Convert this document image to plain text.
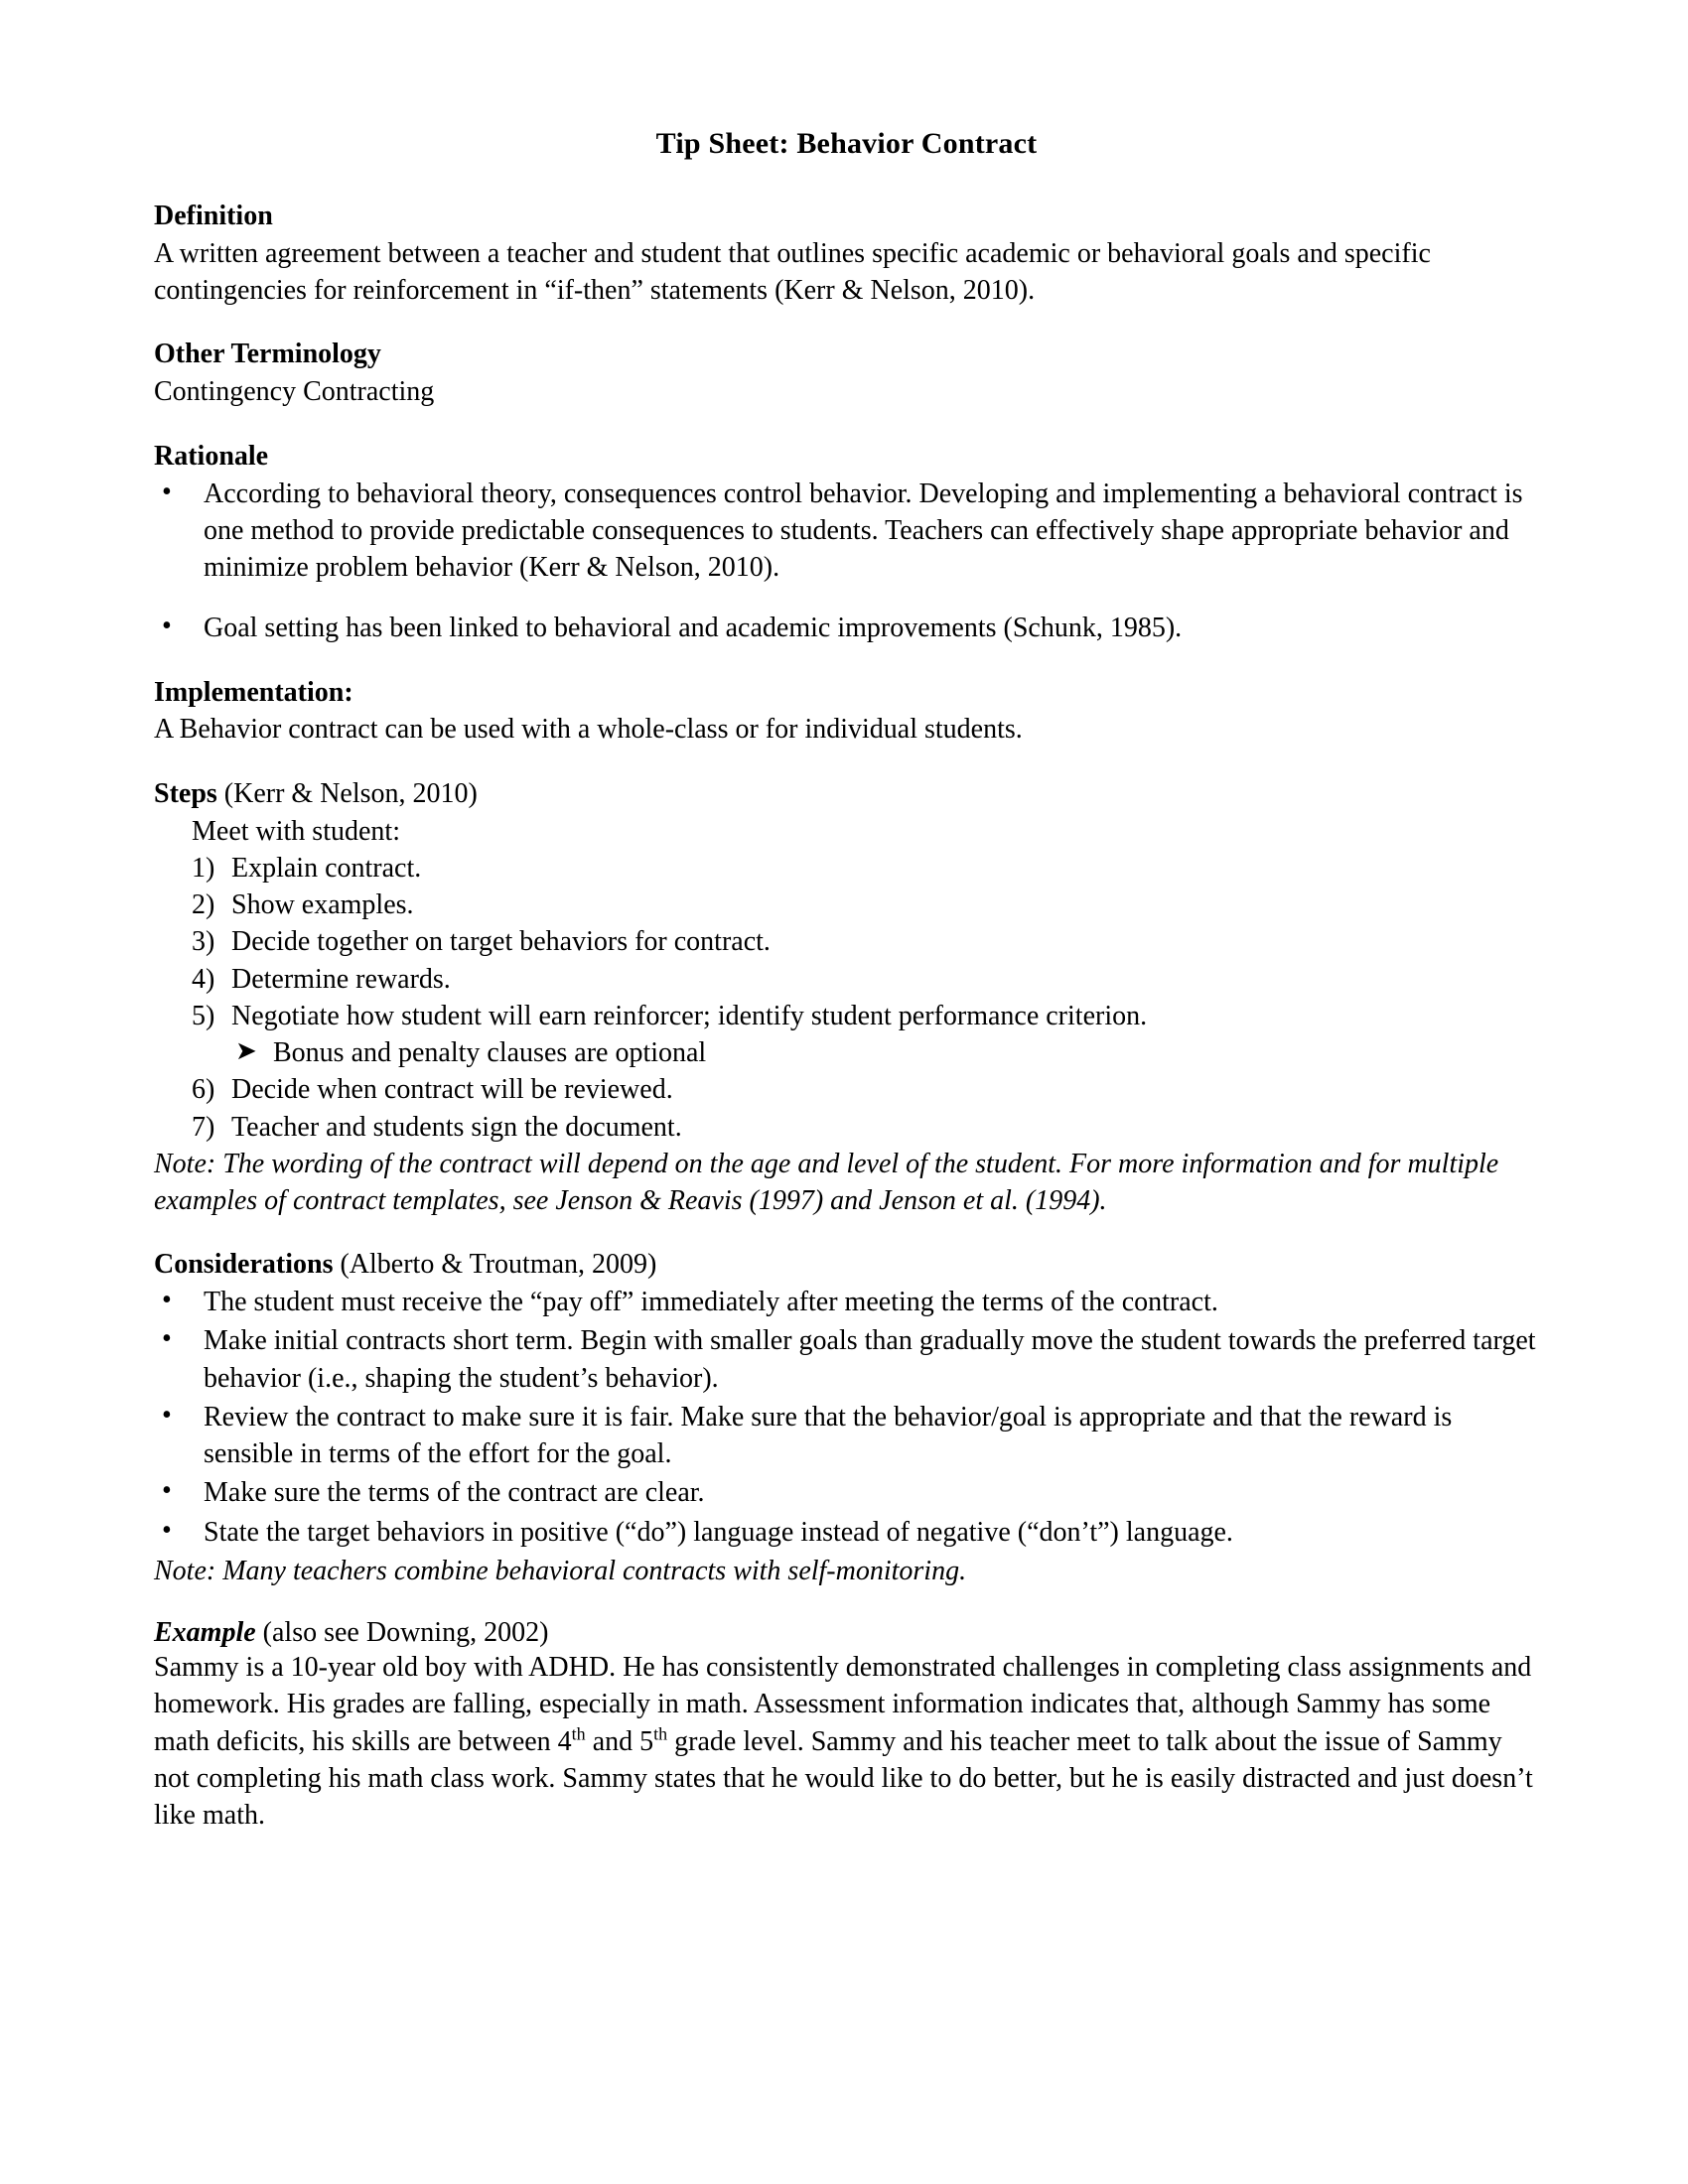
Tip Sheet: Behavior Contract
Definition

A written agreement between a teacher and student that outlines specific academic or behavioral goals and specific contingencies for reinforcement in “if-then” statements (Kerr & Nelson, 2010).

Other Terminology

Contingency Contracting

Rationale
• According to behavioral theory, consequences control behavior. Developing and implementing a behavioral contract is one method to provide predictable consequences to students. Teachers can effectively shape appropriate behavior and minimize problem behavior (Kerr & Nelson, 2010).
• Goal setting has been linked to behavioral and academic improvements (Schunk, 1985).
Implementation:

A Behavior contract can be used with a whole-class or for individual students.

Steps (Kerr & Nelson, 2010)
Meet with student:
1) Explain contract.
2) Show examples.
3) Decide together on target behaviors for contract.
4) Determine rewards.
5) Negotiate how student will earn reinforcer; identify student performance criterion.
➤ Bonus and penalty clauses are optional
6) Decide when contract will be reviewed.
7) Teacher and students sign the document.

Note: The wording of the contract will depend on the age and level of the student. For more information and for multiple examples of contract templates, see Jenson & Reavis (1997) and Jenson et al. (1994).

Considerations (Alberto & Troutman, 2009)
• The student must receive the “pay off” immediately after meeting the terms of the contract.
• Make initial contracts short term. Begin with smaller goals than gradually move the student towards the preferred target behavior (i.e., shaping the student’s behavior).
• Review the contract to make sure it is fair. Make sure that the behavior/goal is appropriate and that the reward is sensible in terms of the effort for the goal.
• Make sure the terms of the contract are clear.
• State the target behaviors in positive (“do”) language instead of negative (“don’t”) language.

Note: Many teachers combine behavioral contracts with self-monitoring.

Example (also see Downing, 2002)

Sammy is a 10-year old boy with ADHD. He has consistently demonstrated challenges in completing class assignments and homework. His grades are falling, especially in math. Assessment information indicates that, although Sammy has some math deficits, his skills are between 4th and 5th grade level. Sammy and his teacher meet to talk about the issue of Sammy not completing his math class work. Sammy states that he would like to do better, but he is easily distracted and just doesn’t like math.
